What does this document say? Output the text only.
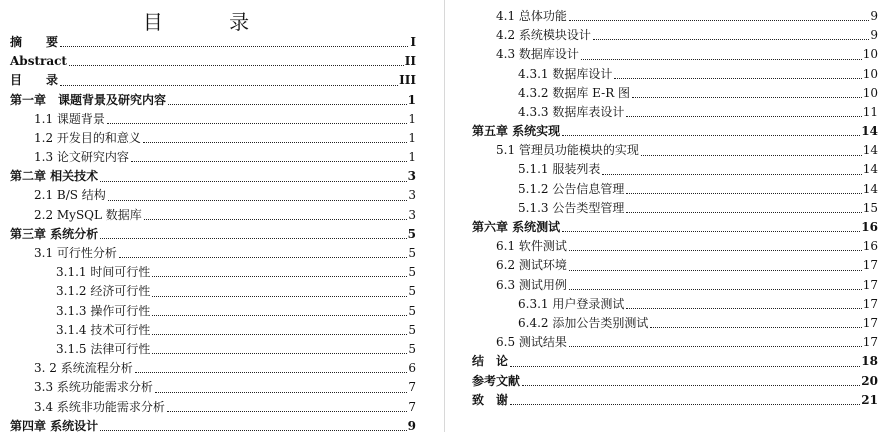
目 录
摘　　要	I
Abstract	II
目　　录	III
第一章　课题背景及研究内容	1
1.1 课题背景	1
1.2 开发目的和意义	1
1.3 论文研究内容	1
第二章 相关技术	3
2.1 B/S 结构	3
2.2 MySQL 数据库	3
第三章 系统分析	5
3.1 可行性分析	5
3.1.1 时间可行性	5
3.1.2 经济可行性	5
3.1.3 操作可行性	5
3.1.4 技术可行性	5
3.1.5 法律可行性	5
3. 2 系统流程分析	6
3.3 系统功能需求分析	7
3.4 系统非功能需求分析	7
第四章 系统设计	9
4.1 总体功能	9
4.2 系统模块设计	9
4.3 数据库设计	10
4.3.1 数据库设计	10
4.3.2 数据库 E-R 图	10
4.3.3 数据库表设计	11
第五章 系统实现	14
5.1 管理员功能模块的实现	14
5.1.1 服装列表	14
5.1.2 公告信息管理	14
5.1.3 公告类型管理	15
第六章 系统测试	16
6.1 软件测试	16
6.2 测试环境	17
6.3 测试用例	17
6.3.1 用户登录测试	17
6.4.2 添加公告类别测试	17
6.5 测试结果	17
结　论	18
参考文献	20
致　谢	21
